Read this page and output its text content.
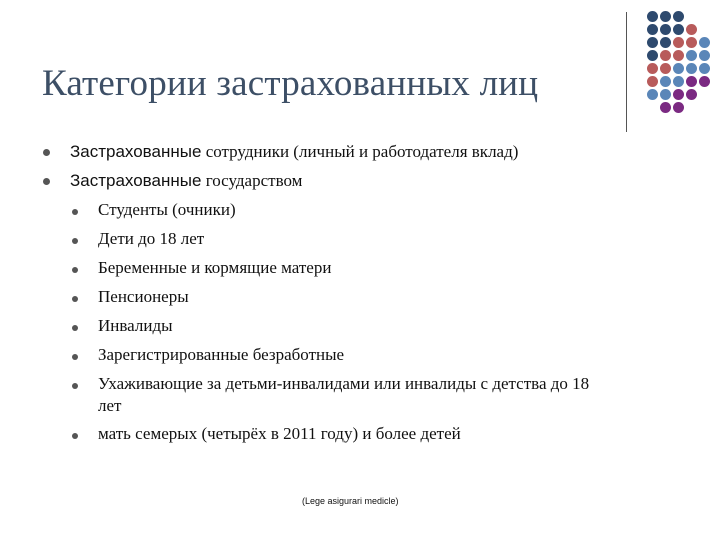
Категории застрахованных лиц
Застрахованные сотрудники (личный и работодателя вклад)
Застрахованные государством
Студенты (очники)
Дети до 18 лет
Беременные и кормящие матери
Пенсионеры
Инвалиды
Зарегистрированные безработные
Ухаживающие за детьми-инвалидами или инвалиды с детства до 18
лет
мать семерых (четырёх в 2011 году) и более детей
(Lege asigurari medicle)
